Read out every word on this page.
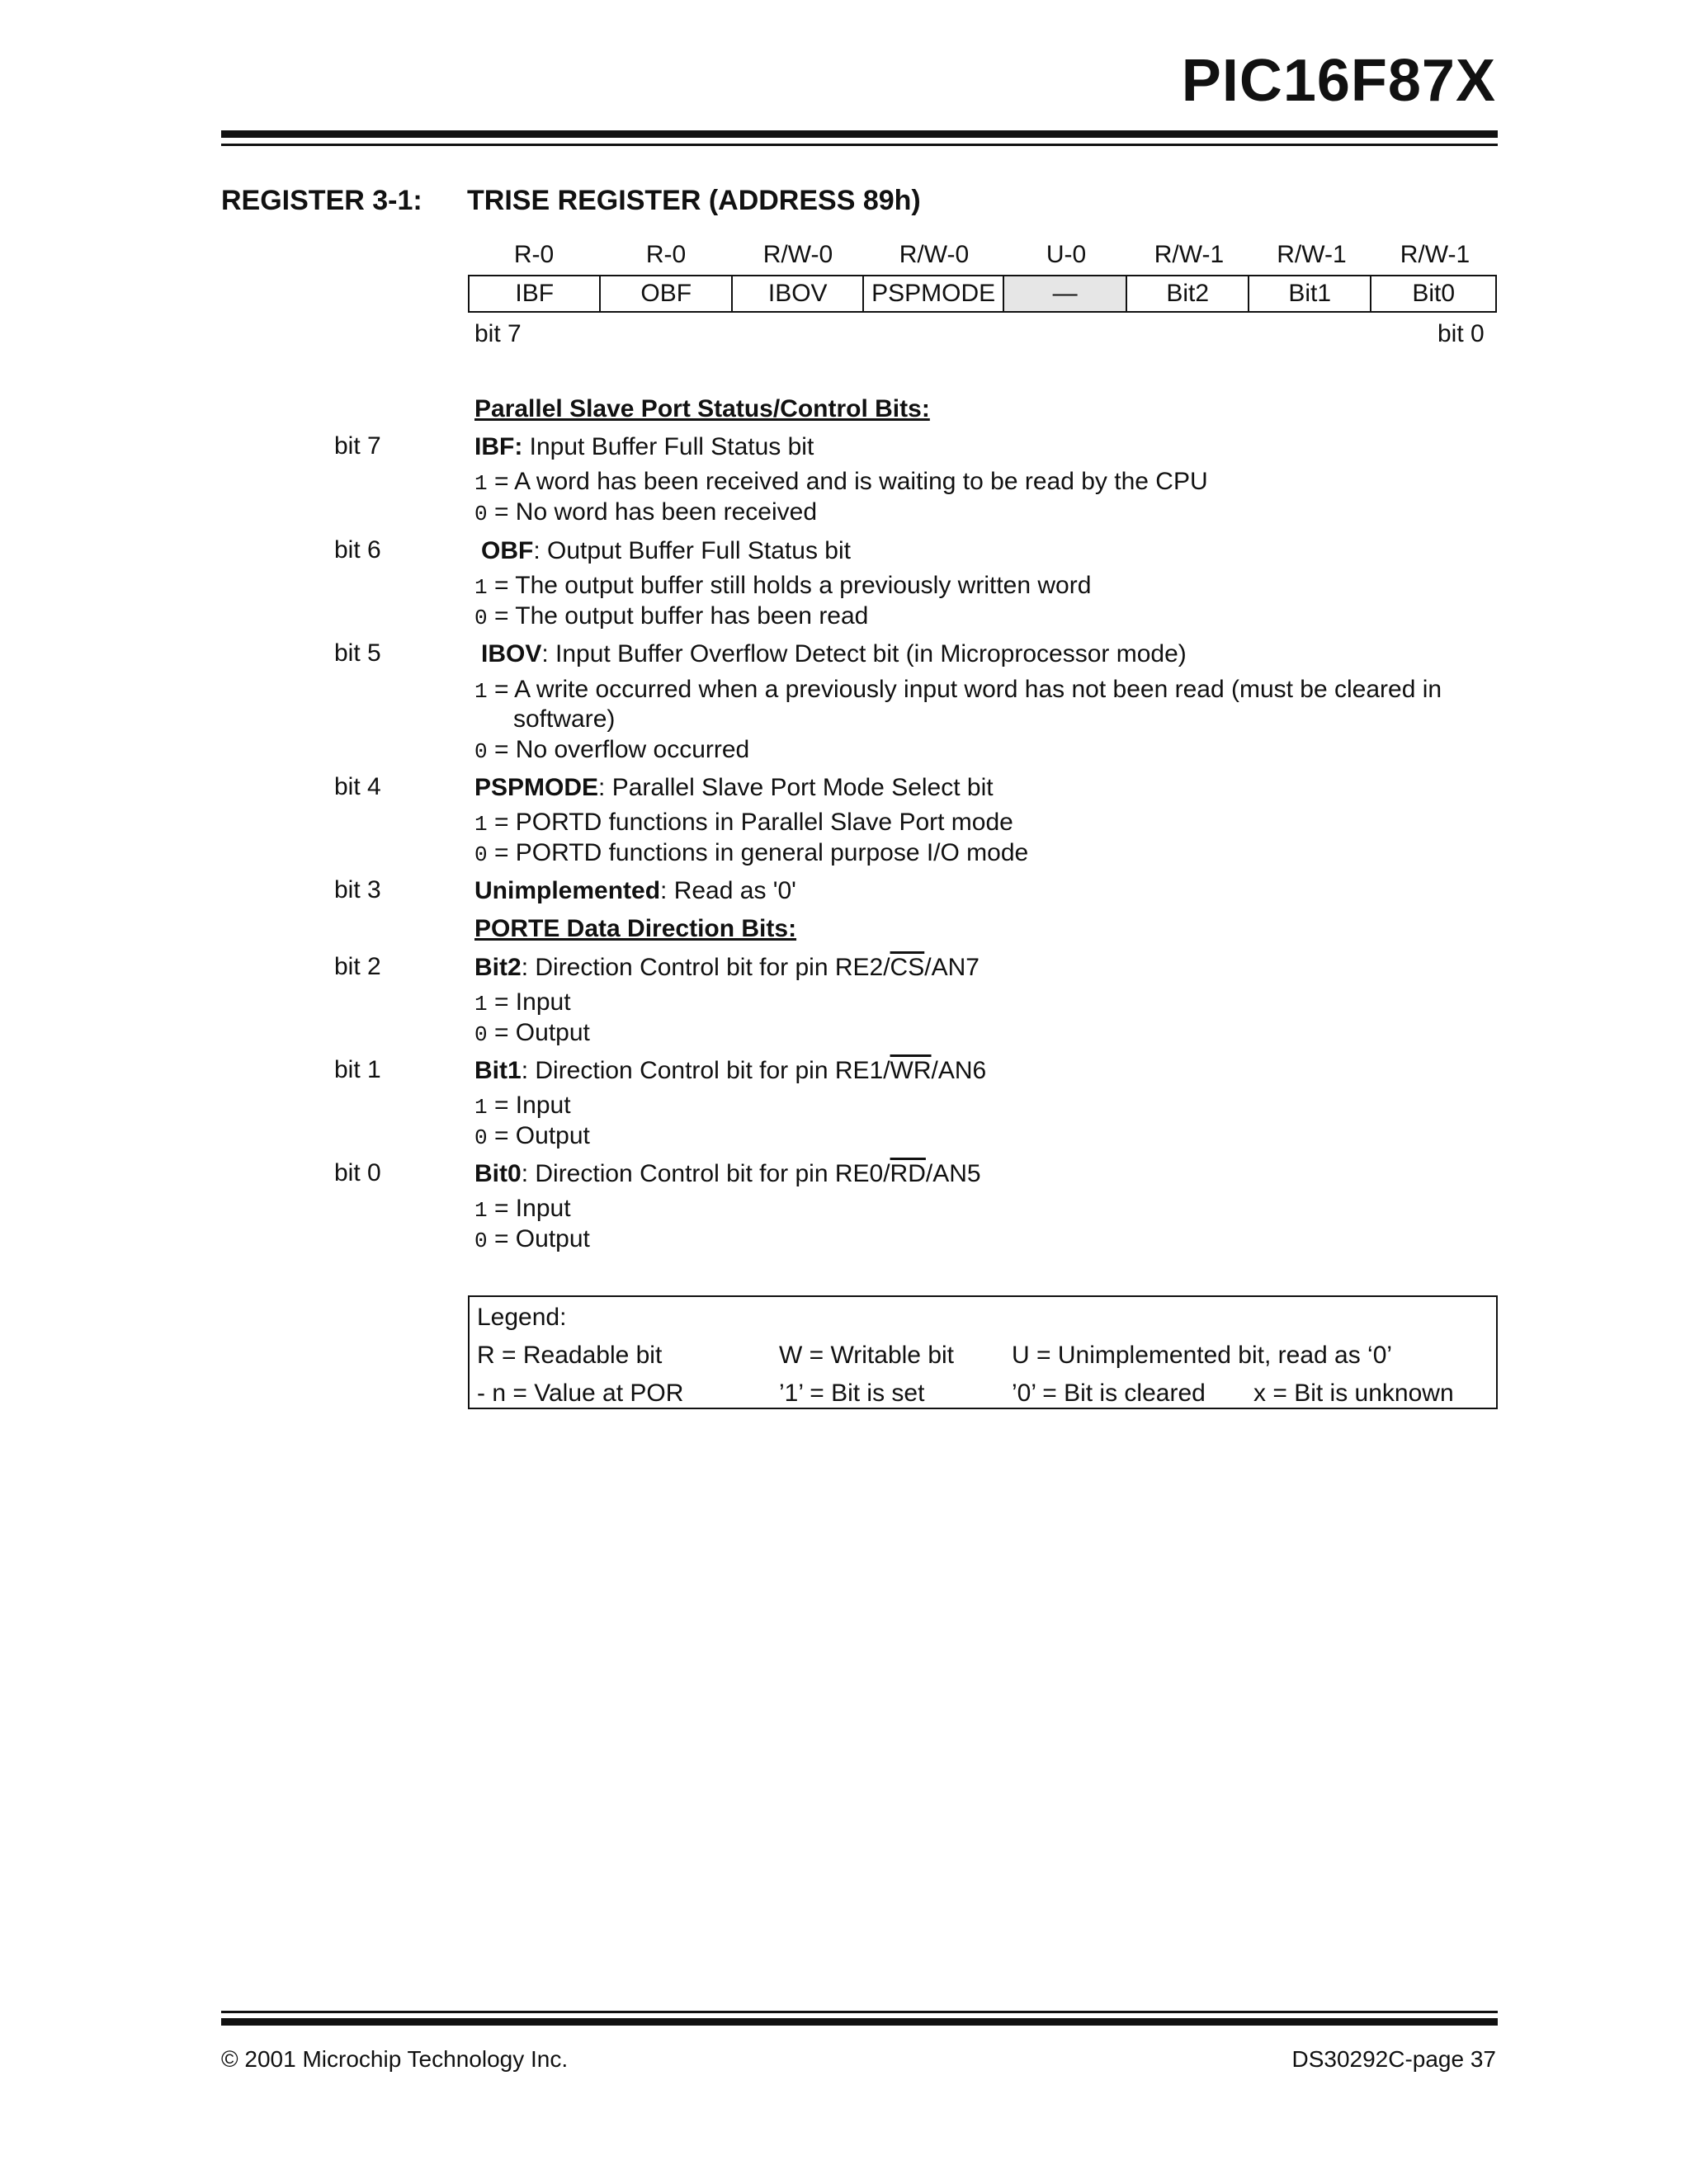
PIC16F87X
REGISTER 3-1: TRISE REGISTER (ADDRESS 89h)
R-0	R-0	R/W-0	R/W-0	U-0	R/W-1	R/W-1	R/W-1
IBF	OBF	IBOV	PSPMODE	—	Bit2	Bit1	Bit0
bit 7	bit 0
Parallel Slave Port Status/Control Bits:
bit 7	IBF: Input Buffer Full Status bit
1 = A word has been received and is waiting to be read by the CPU
0 = No word has been received
bit 6	OBF: Output Buffer Full Status bit
1 = The output buffer still holds a previously written word
0 = The output buffer has been read
bit 5	IBOV: Input Buffer Overflow Detect bit (in Microprocessor mode)
1 = A write occurred when a previously input word has not been read (must be cleared in
software)
0 = No overflow occurred
bit 4	PSPMODE: Parallel Slave Port Mode Select bit
1 = PORTD functions in Parallel Slave Port mode
0 = PORTD functions in general purpose I/O mode
bit 3	Unimplemented: Read as '0'
PORTE Data Direction Bits:
bit 2	Bit2: Direction Control bit for pin $RE2/\overline{CS}/AN7$
1 = Input
0 = Output
bit 1	Bit1: Direction Control bit for pin $RE1/\overline{WR}/AN6$
1 = Input
0 = Output
bit 0	Bit0: Direction Control bit for pin $RE0/\overline{RD}/AN5$
1 = Input
0 = Output
Legend:
R = Readable bit	W = Writable bit U = Unimplemented bit, read as ‘0’
- n = Value at POR	’1’ = Bit is set	’0’ = Bit is cleared x = Bit is unknown
© 2001 Microchip Technology Inc.	DS30292C-page 37
